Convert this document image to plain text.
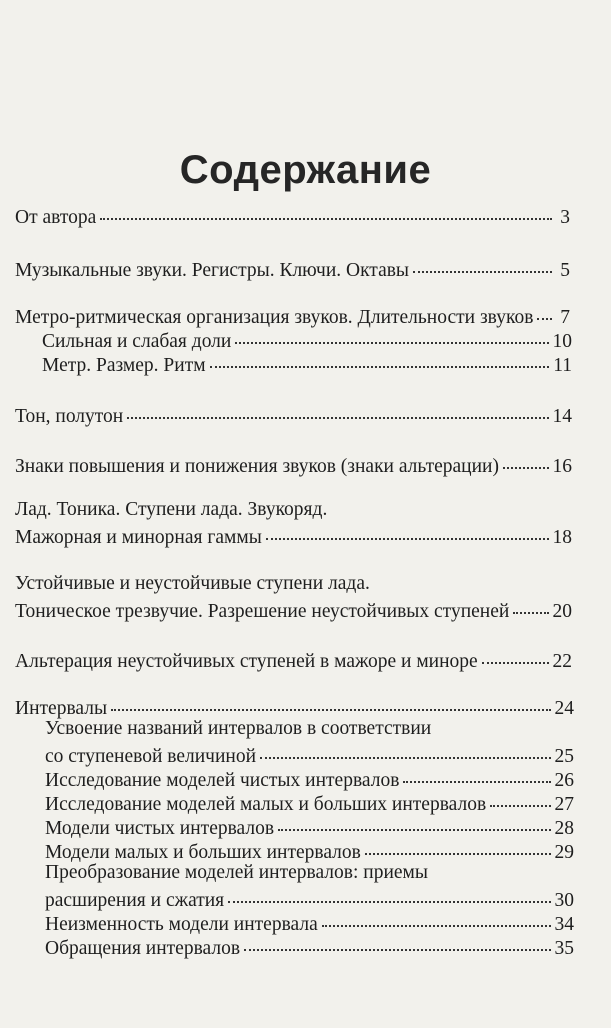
Содержание
От автора	3
Музыкальные звуки. Регистры. Ключи. Октавы	5
Метро-ритмическая организация звуков. Длительности звуков 7
Сильная и слабая доли	10
Метр. Размер. Ритм	11
Тон, полутон	14
Знаки повышения и понижения звуков (знаки альтерации)	16
Лад. Тоника. Ступени лада. Звукоряд.
Мажорная и минорная гаммы	18
Устойчивые и неустойчивые ступени лада.
Тоническое трезвучие. Разрешение неустойчивых ступеней 20
Альтерация неустойчивых ступеней в мажоре и миноре	22
Интервалы	24
Усвоение названий интервалов в соответствии
со ступеневой величиной	25
Исследование моделей чистых интервалов	26
Исследование моделей малых и больших интервалов	27
Модели чистых интервалов	28
Модели малых и больших интервалов	29
Преобразование моделей интервалов: приемы
расширения и сжатия	30
Неизменность модели интервала	34
Обращения интервалов	35
